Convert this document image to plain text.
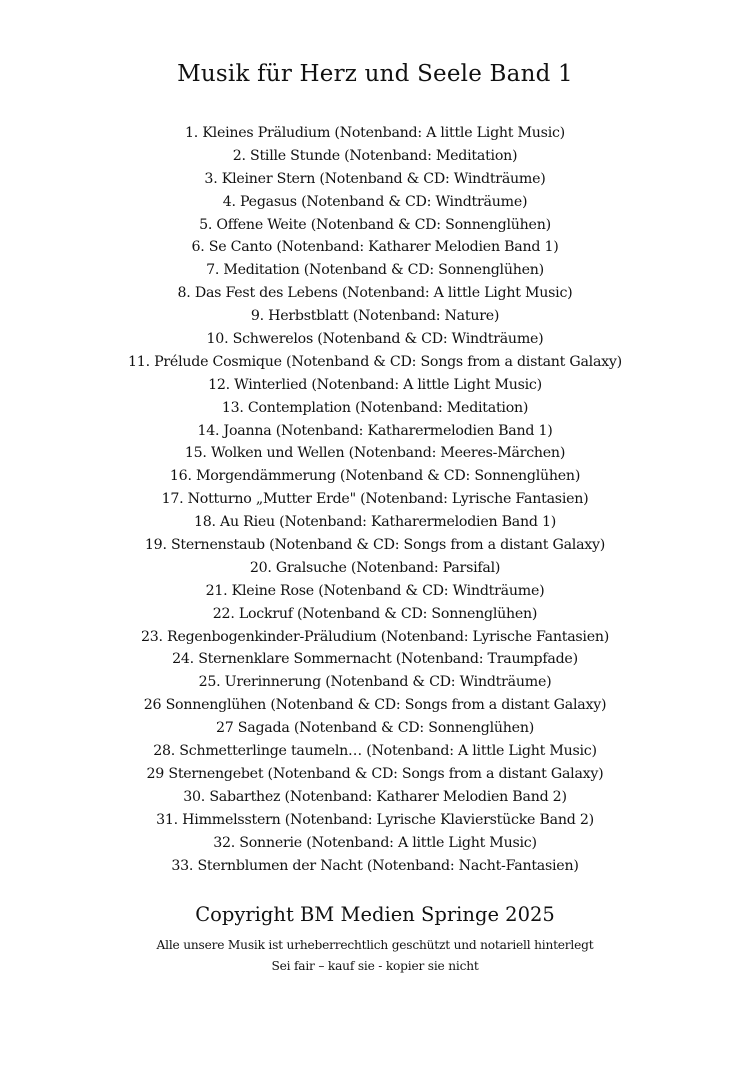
Musik für Herz und Seele Band 1
1. Kleines Präludium (Notenband: A little Light Music)
2. Stille Stunde (Notenband: Meditation)
3. Kleiner Stern (Notenband & CD: Windträume)
4. Pegasus (Notenband & CD: Windträume)
5. Offene Weite (Notenband & CD: Sonnenglühen)
6. Se Canto (Notenband: Katharer Melodien Band 1)
7. Meditation (Notenband & CD: Sonnenglühen)
8. Das Fest des Lebens (Notenband: A little Light Music)
9. Herbstblatt (Notenband: Nature)
10. Schwerelos (Notenband & CD: Windträume)
11. Prélude Cosmique (Notenband & CD: Songs from a distant Galaxy)
12. Winterlied (Notenband: A little Light Music)
13. Contemplation (Notenband: Meditation)
14. Joanna (Notenband: Katharermelodien Band 1)
15. Wolken und Wellen (Notenband: Meeres-Märchen)
16. Morgendämmerung (Notenband & CD: Sonnenglühen)
17. Notturno „Mutter Erde" (Notenband: Lyrische Fantasien)
18. Au Rieu (Notenband: Katharermelodien Band 1)
19. Sternenstaub (Notenband & CD: Songs from a distant Galaxy)
20. Gralsuche (Notenband: Parsifal)
21. Kleine Rose (Notenband & CD: Windträume)
22. Lockruf (Notenband & CD: Sonnenglühen)
23. Regenbogenkinder-Präludium (Notenband: Lyrische Fantasien)
24. Sternenklare Sommernacht (Notenband: Traumpfade)
25. Urerinnerung (Notenband & CD: Windträume)
26 Sonnenglühen (Notenband & CD: Songs from a distant Galaxy)
27 Sagada (Notenband & CD: Sonnenglühen)
28. Schmetterlinge taumeln… (Notenband: A little Light Music)
29 Sternengebet (Notenband & CD: Songs from a distant Galaxy)
30. Sabarthez (Notenband: Katharer Melodien Band 2)
31. Himmelsstern (Notenband: Lyrische Klavierstücke Band 2)
32. Sonnerie (Notenband: A little Light Music)
33. Sternblumen der Nacht (Notenband: Nacht-Fantasien)
Copyright BM Medien Springe 2025
Alle unsere Musik ist urheberrechtlich geschützt und notariell hinterlegt
Sei fair – kauf sie - kopier sie nicht
